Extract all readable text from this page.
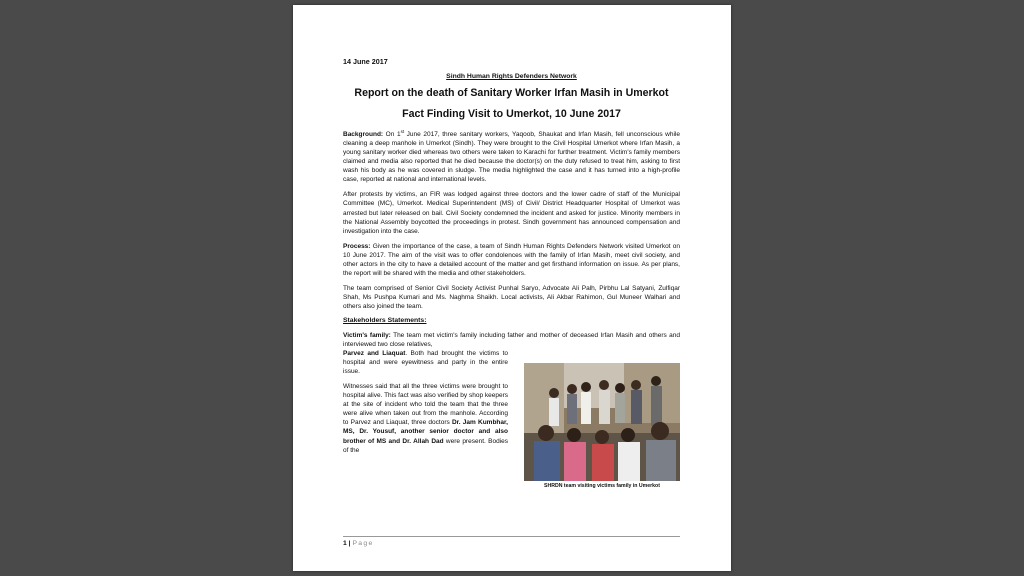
14 June 2017
Sindh Human Rights Defenders Network
Report on the death of Sanitary Worker Irfan Masih in Umerkot
Fact Finding Visit to Umerkot, 10 June 2017

Background: On 1st June 2017, three sanitary workers, Yaqoob, Shaukat and Irfan Masih, fell unconscious while cleaning a deep manhole in Umerkot (Sindh). They were brought to the Civil Hospital Umerkot where Irfan Masih, a young sanitary worker died whereas two others were taken to Karachi for further treatment. Victim's family members claimed and media also reported that he died because the doctor(s) on the duty refused to treat him, asking to first wash his body as he was covered in sludge. The media highlighted the case and it has turned into a high-profile case, reported at national and international levels.

After protests by victims, an FIR was lodged against three doctors and the lower cadre of staff of the Municipal Committee (MC), Umerkot. Medical Superintendent (MS) of Civil/ District Headquarter Hospital of Umerkot was arrested but later released on bail. Civil Society condemned the incident and asked for justice. Minority members in the National Assembly boycotted the proceedings in protest. Sindh government has announced compensation and investigation into the case.

Process: Given the importance of the case, a team of Sindh Human Rights Defenders Network visited Umerkot on 10 June 2017. The aim of the visit was to offer condolences with the family of Irfan Masih, meet civil society, and other actors in the city to have a detailed account of the matter and get firsthand information on issue. As per plans, the report will be shared with the media and other stakeholders.

The team comprised of Senior Civil Society Activist Punhal Saryo, Advocate Ali Palh, Pirbhu Lal Satyani, Zulfiqar Shah, Ms Pushpa Kumari and Ms. Naghma Shaikh. Local activists, Ali Akbar Rahimon, Gul Muneer Walhari and others also joined the team.

Stakeholders Statements:

Victim's family: The team met victim's family including father and mother of deceased Irfan Masih and others and interviewed two close relatives,

Parvez and Liaquat. Both had brought the victims to hospital and were eyewitness and party in the entire issue.

Witnesses said that all the three victims were brought to hospital alive. This fact was also verified by shop keepers at the site of incident who told the team that the three were alive when taken out from the manhole. According to Parvez and Liaquat, three doctors Dr. Jam Kumbhar, MS, Dr. Yousuf, another senior doctor and also brother of MS and Dr. Allah Dad were present. Bodies of the

SHRDN team visiting victims family in Umerkot
1 | Page
